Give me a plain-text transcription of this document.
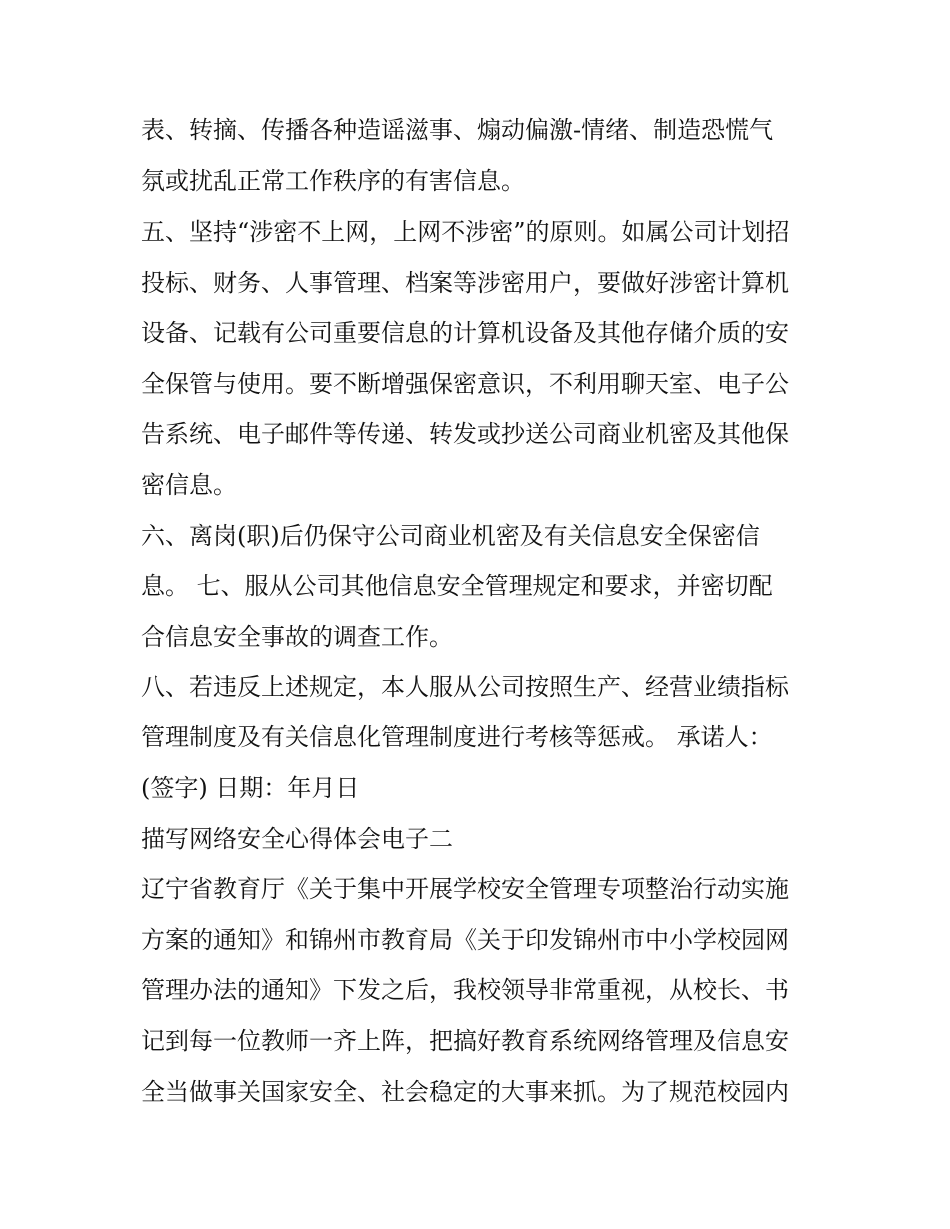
表、转摘、传播各种造谣滋事、煽动偏激-情绪、制造恐慌气

氛或扰乱正常工作秩序的有害信息。

五、坚持“涉密不上网，上网不涉密”的原则。如属公司计划招

投标、财务、人事管理、档案等涉密用户，要做好涉密计算机

设备、记载有公司重要信息的计算机设备及其他存储介质的安

全保管与使用。要不断增强保密意识，不利用聊天室、电子公

告系统、电子邮件等传递、转发或抄送公司商业机密及其他保

密信息。

六、离岗(职)后仍保守公司商业机密及有关信息安全保密信

息。 七、服从公司其他信息安全管理规定和要求，并密切配

合信息安全事故的调查工作。

八、若违反上述规定，本人服从公司按照生产、经营业绩指标

管理制度及有关信息化管理制度进行考核等惩戒。 承诺人：

(签字) 日期：年月日

描写网络安全心得体会电子二

辽宁省教育厅《关于集中开展学校安全管理专项整治行动实施

方案的通知》和锦州市教育局《关于印发锦州市中小学校园网

管理办法的通知》下发之后，我校领导非常重视，从校长、书

记到每一位教师一齐上阵，把搞好教育系统网络管理及信息安

全当做事关国家安全、社会稳定的大事来抓。为了规范校园内
